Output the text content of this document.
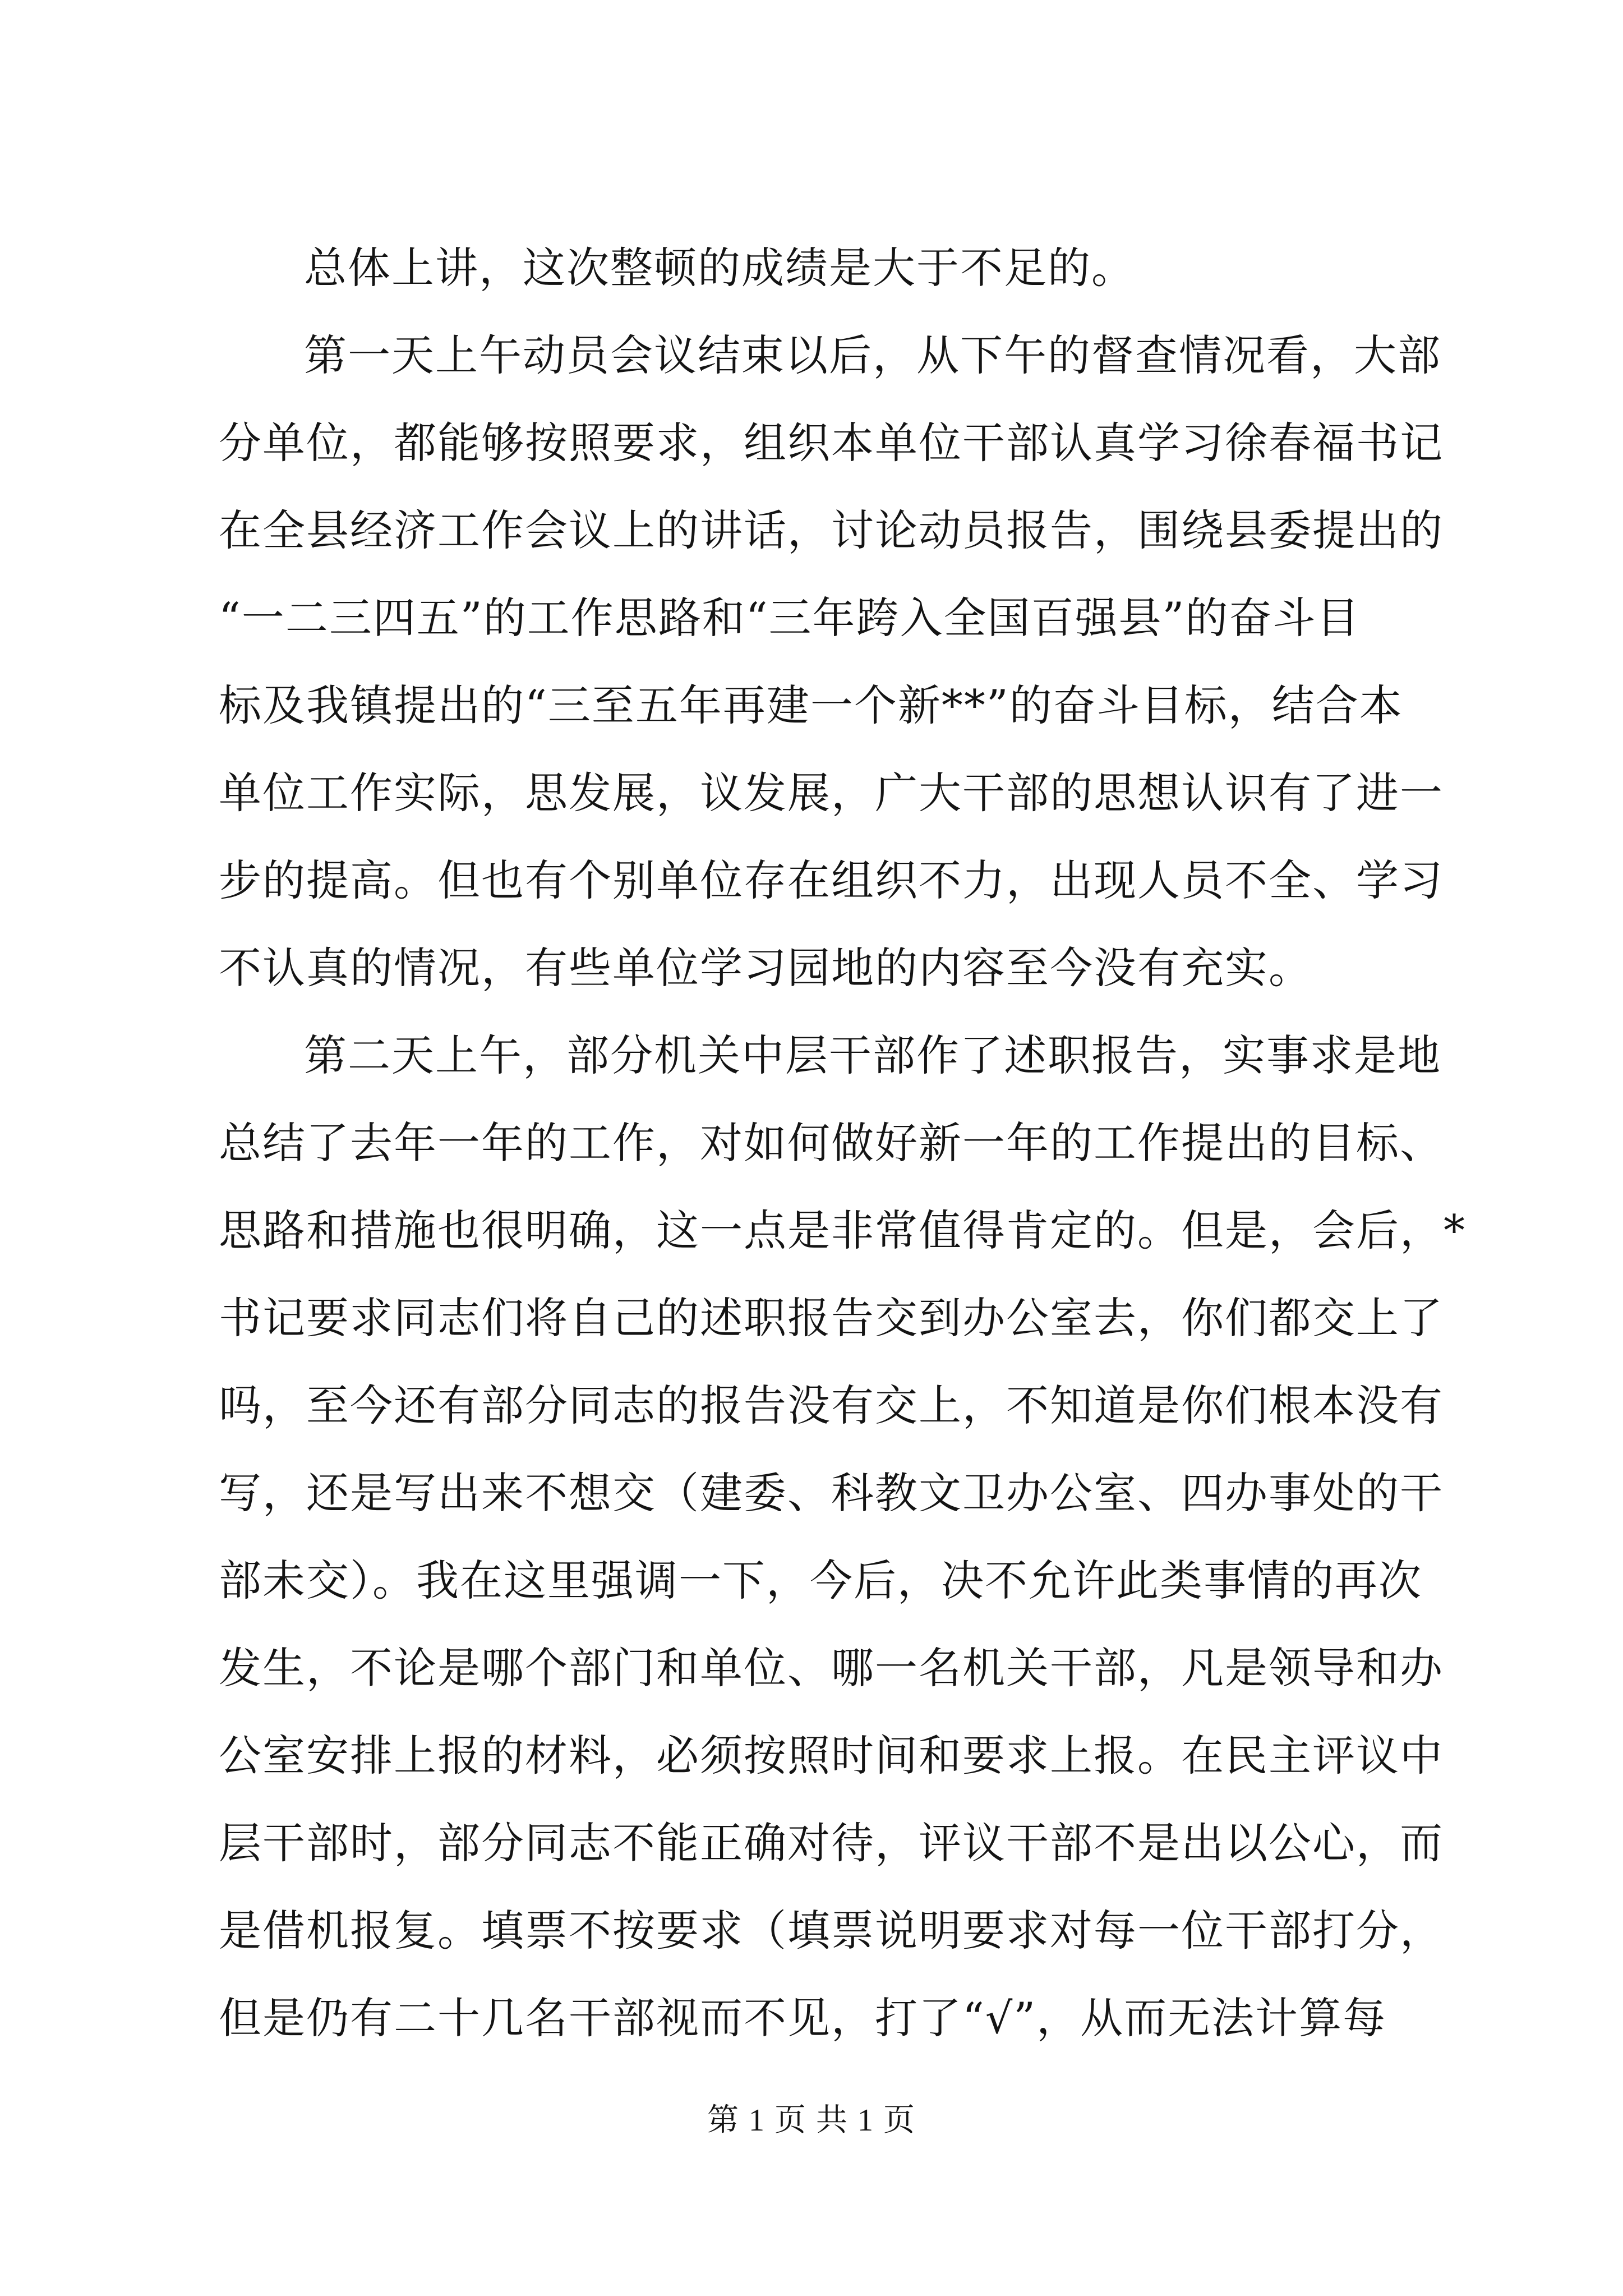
总体上讲，这次整顿的成绩是大于不足的。
第一天上午动员会议结束以后，从下午的督查情况看，大部
分单位，都能够按照要求，组织本单位干部认真学习徐春福书记
在全县经济工作会议上的讲话，讨论动员报告，围绕县委提出的
“一二三四五”的工作思路和“三年跨入全国百强县”的奋斗目
标及我镇提出的“三至五年再建一个新**”的奋斗目标，结合本
单位工作实际，思发展，议发展，广大干部的思想认识有了进一
步的提高。但也有个别单位存在组织不力，出现人员不全、学习
不认真的情况，有些单位学习园地的内容至今没有充实。
第二天上午，部分机关中层干部作了述职报告，实事求是地
总结了去年一年的工作，对如何做好新一年的工作提出的目标、
思路和措施也很明确，这一点是非常值得肯定的。但是，会后，*
书记要求同志们将自己的述职报告交到办公室去，你们都交上了
吗，至今还有部分同志的报告没有交上，不知道是你们根本没有
写，还是写出来不想交（建委、科教文卫办公室、四办事处的干
部未交）。我在这里强调一下，今后，决不允许此类事情的再次
发生，不论是哪个部门和单位、哪一名机关干部，凡是领导和办
公室安排上报的材料，必须按照时间和要求上报。在民主评议中
层干部时，部分同志不能正确对待，评议干部不是出以公心，而
是借机报复。填票不按要求（填票说明要求对每一位干部打分，
但是仍有二十几名干部视而不见，打了“√”，从而无法计算每
第 1 页 共 1 页
